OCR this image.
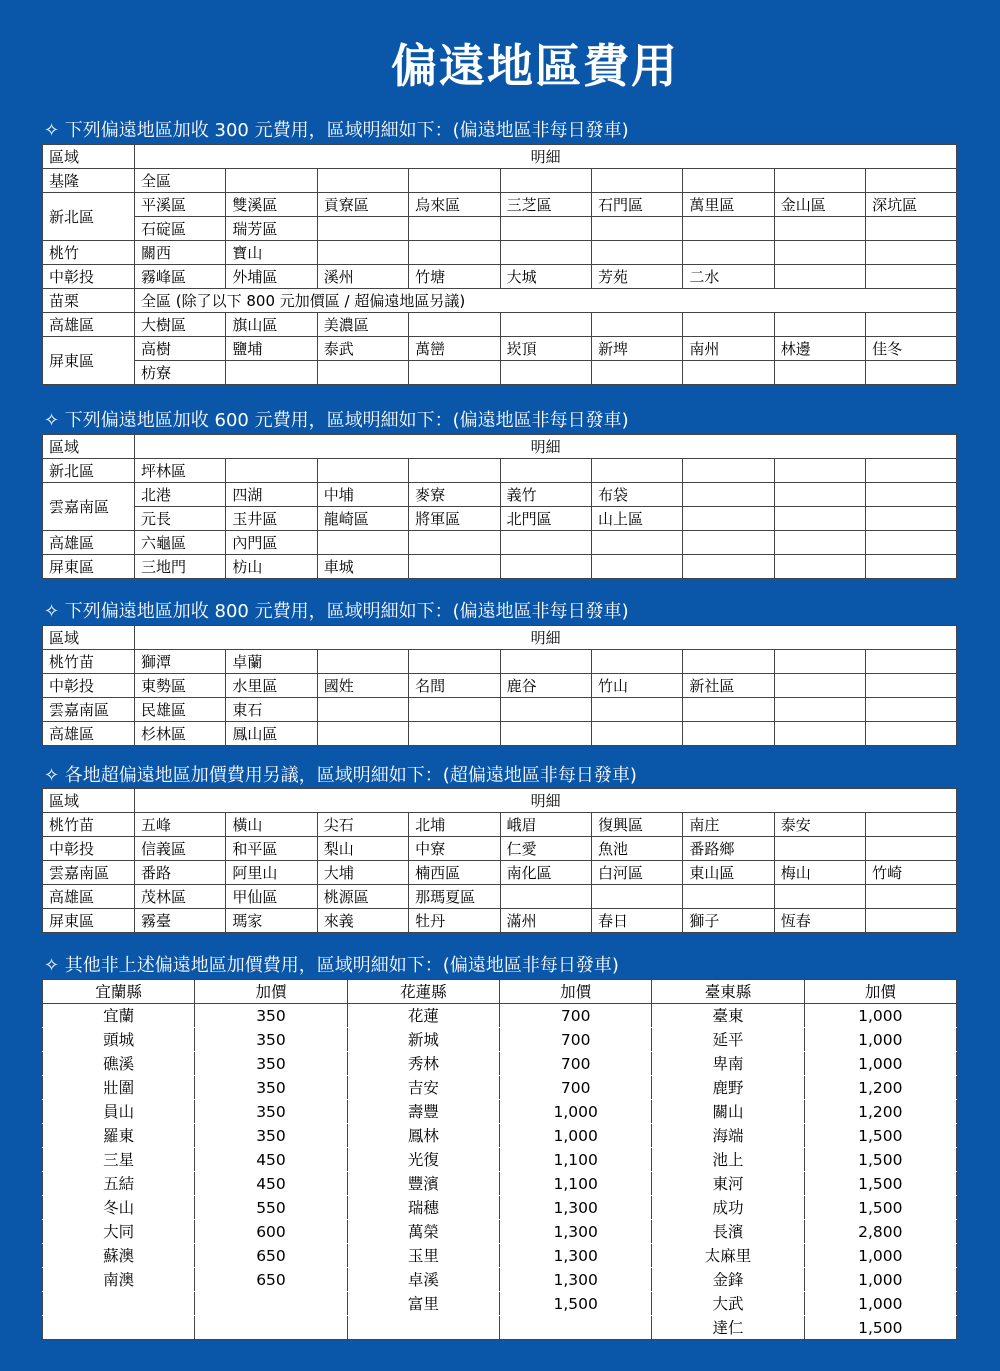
偏遠地區費用
✧ 下列偏遠地區加收 300 元費用，區域明細如下：(偏遠地區非每日發車)
區域	明細								
基隆	全區								
新北區	平溪區	雙溪區	貢寮區	烏來區	三芝區	石門區	萬里區	金山區	深坑區
	石碇區	瑞芳區							
桃竹	關西	寶山							
中彰投	霧峰區	外埔區	溪州	竹塘	大城	芳苑	二水		
苗栗	全區 (除了以下 800 元加價區 / 超偏遠地區另議)								
高雄區	大樹區	旗山區	美濃區						
屏東區	高樹	鹽埔	泰武	萬巒	崁頂	新埤	南州	林邊	佳冬
	枋寮								
✧ 下列偏遠地區加收 600 元費用，區域明細如下：(偏遠地區非每日發車)
區域	明細								
新北區	坪林區								
雲嘉南區	北港	四湖	中埔	麥寮	義竹	布袋			
	元長	玉井區	龍崎區	將軍區	北門區	山上區			
高雄區	六龜區	內門區							
屏東區	三地門	枋山	車城						
✧ 下列偏遠地區加收 800 元費用，區域明細如下：(偏遠地區非每日發車)
區域	明細								
桃竹苗	獅潭	卓蘭							
中彰投	東勢區	水里區	國姓	名間	鹿谷	竹山	新社區		
雲嘉南區	民雄區	東石							
高雄區	杉林區	鳳山區							
✧ 各地超偏遠地區加價費用另議，區域明細如下：(超偏遠地區非每日發車)
區域	明細								
桃竹苗	五峰	橫山	尖石	北埔	峨眉	復興區	南庄	泰安	
中彰投	信義區	和平區	梨山	中寮	仁愛	魚池	番路鄉		
雲嘉南區	番路	阿里山	大埔	楠西區	南化區	白河區	東山區	梅山	竹崎
高雄區	茂林區	甲仙區	桃源區	那瑪夏區					
屏東區	霧臺	瑪家	來義	牡丹	滿州	春日	獅子	恆春	
✧ 其他非上述偏遠地區加價費用，區域明細如下：(偏遠地區非每日發車)
宜蘭縣	加價	花蓮縣	加價	臺東縣	加價
宜蘭	350	花蓮	700	臺東	1,000
頭城	350	新城	700	延平	1,000
礁溪	350	秀林	700	卑南	1,000
壯圍	350	吉安	700	鹿野	1,200
員山	350	壽豐	1,000	關山	1,200
羅東	350	鳳林	1,000	海端	1,500
三星	450	光復	1,100	池上	1,500
五結	450	豐濱	1,100	東河	1,500
冬山	550	瑞穗	1,300	成功	1,500
大同	600	萬榮	1,300	長濱	2,800
蘇澳	650	玉里	1,300	太麻里	1,000
南澳	650	卓溪	1,300	金鋒	1,000
		富里	1,500	大武	1,000
				達仁	1,500
